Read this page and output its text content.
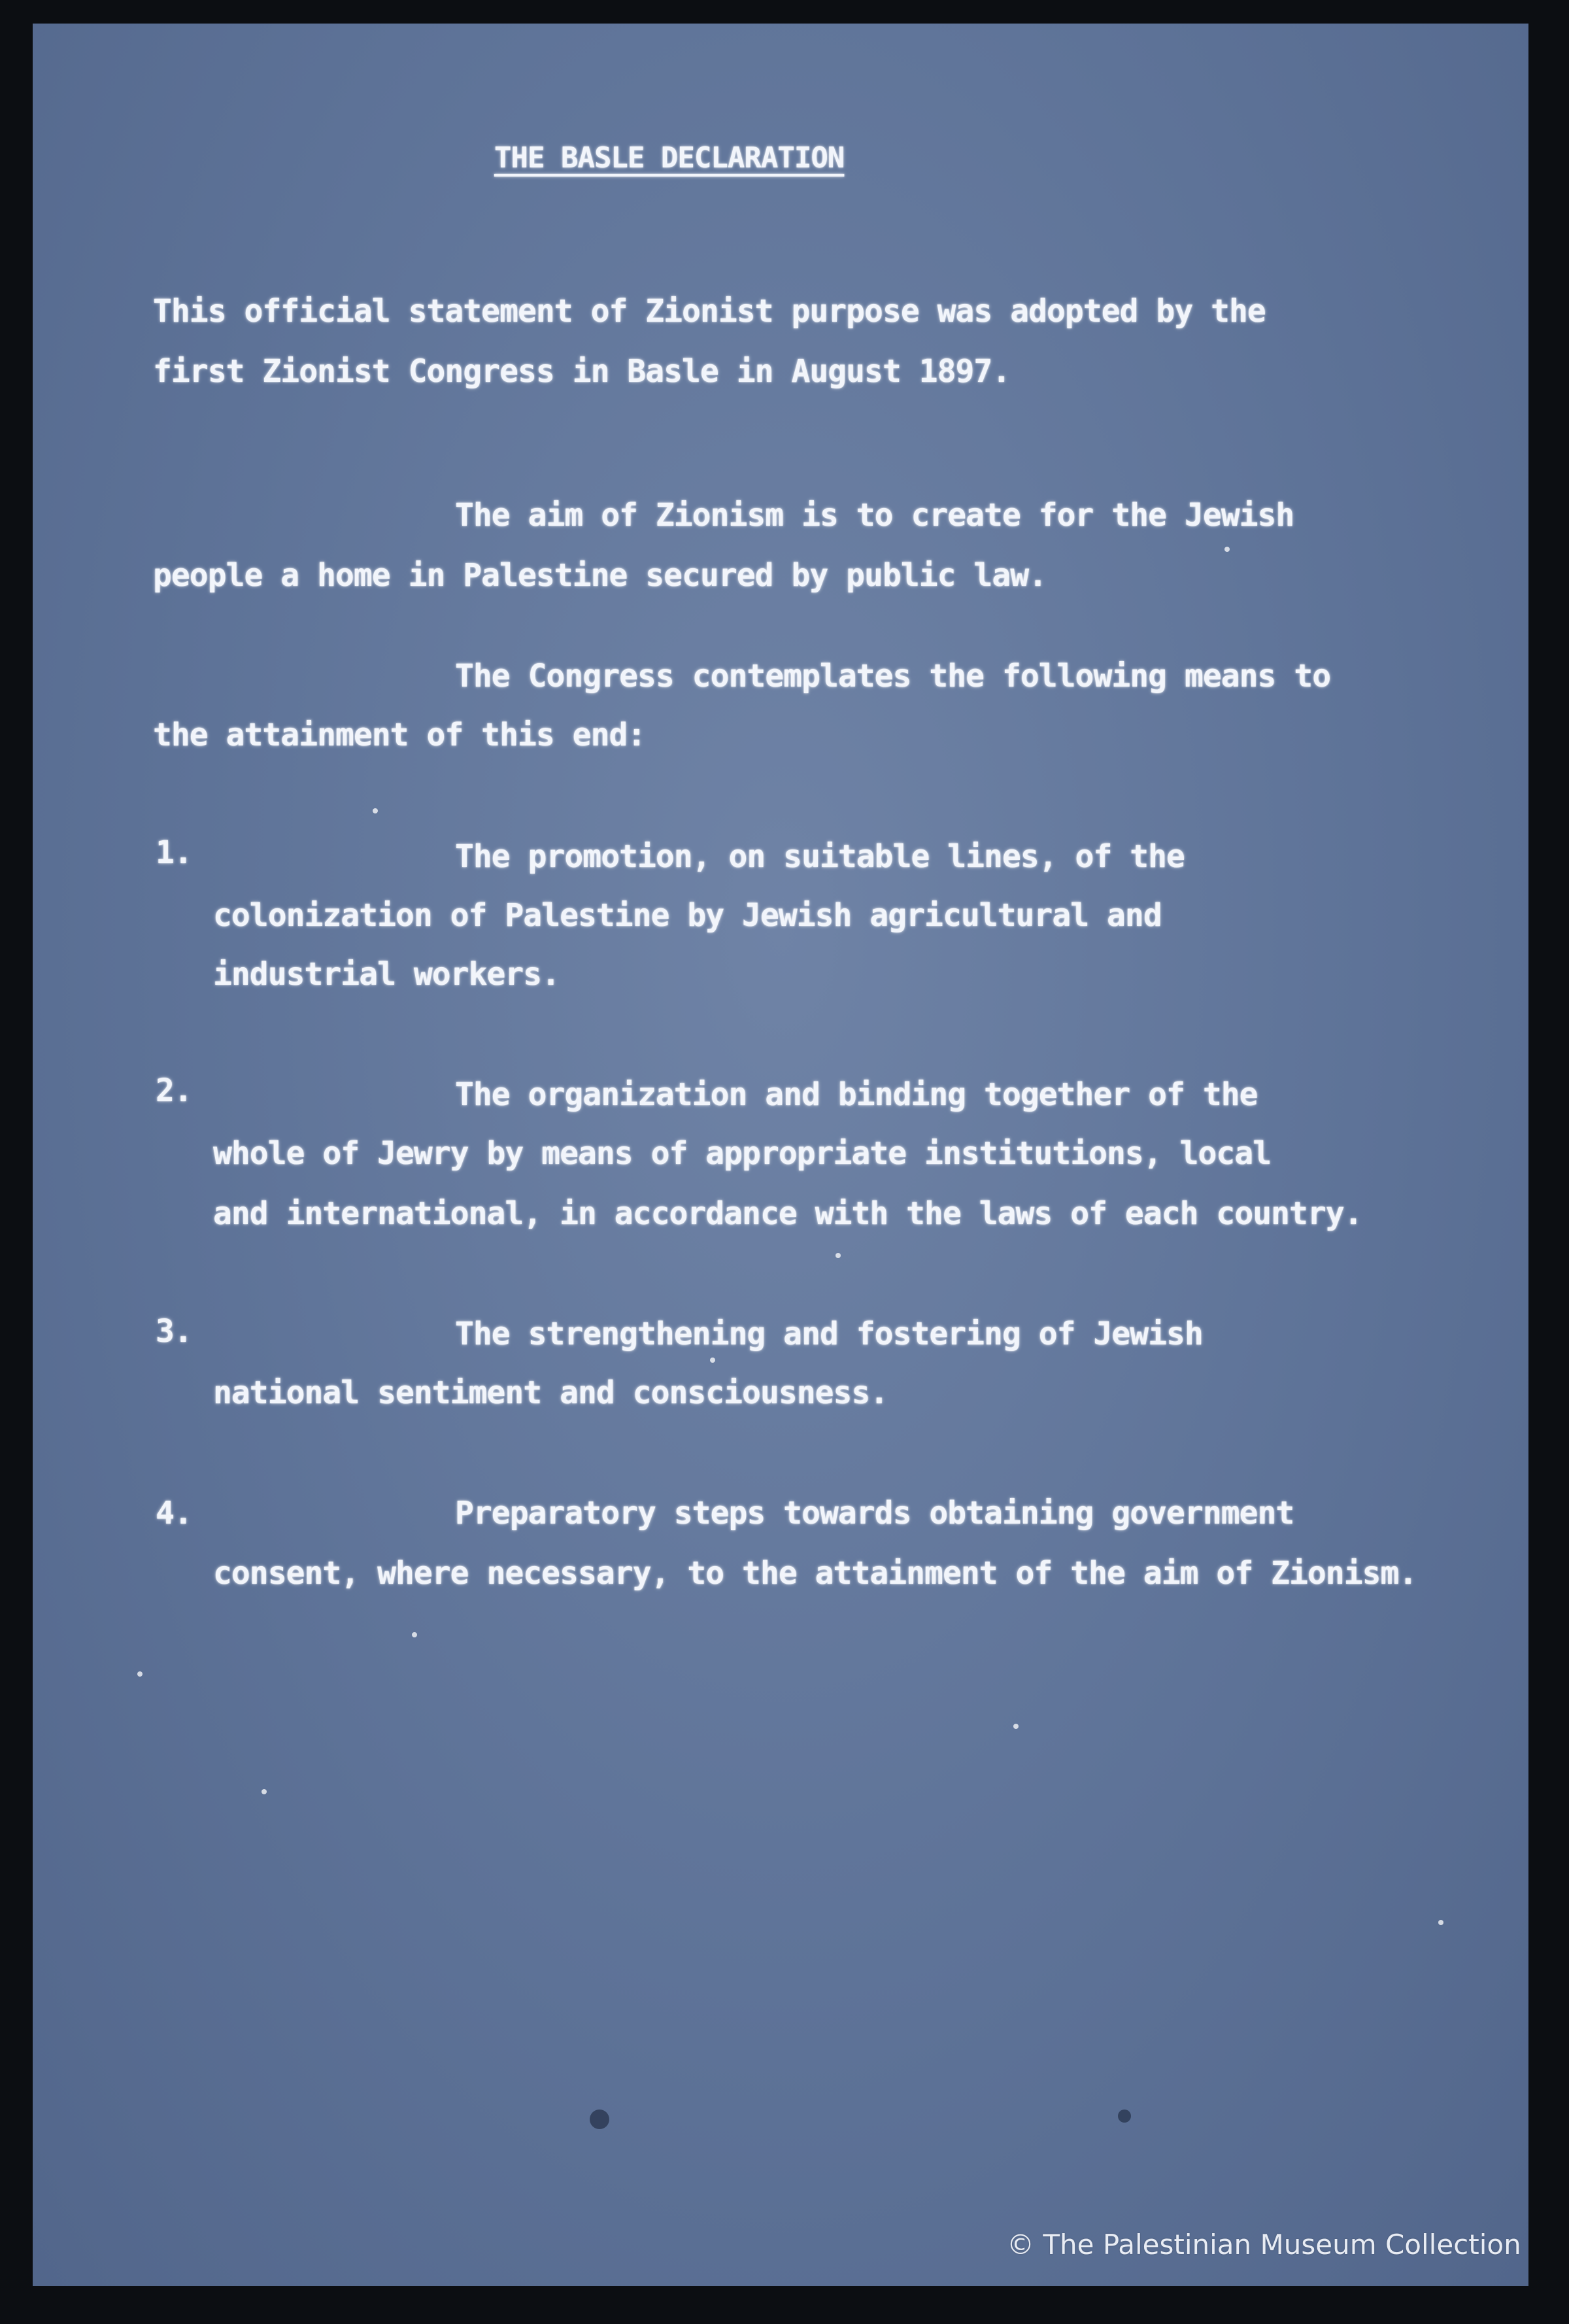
THE BASLE DECLARATION
This official statement of Zionist purpose was adopted by the
first Zionist Congress in Basle in August 1897.
The aim of Zionism is to create for the Jewish
people a home in Palestine secured by public law.
The Congress contemplates the following means to
the attainment of this end:
1.	The promotion, on suitable lines, of the
colonization of Palestine by Jewish agricultural and
industrial workers.
2.	The organization and binding together of the
whole of Jewry by means of appropriate institutions, local
and international, in accordance with the laws of each country.
3.	The strengthening and fostering of Jewish
national sentiment and consciousness.
4.	Preparatory steps towards obtaining government
consent, where necessary, to the attainment of the aim of Zionism.
© The Palestinian Museum Collection
